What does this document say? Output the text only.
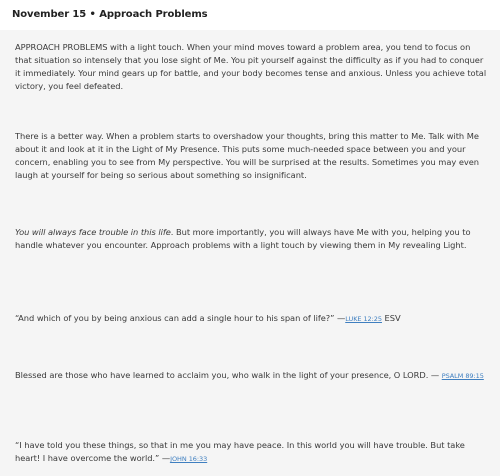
November 15 • Approach Problems

APPROACH PROBLEMS with a light touch. When your mind moves toward a problem area, you tend to focus on that situation so intensely that you lose sight of Me. You pit yourself against the difficulty as if you had to conquer it immediately. Your mind gears up for battle, and your body becomes tense and anxious. Unless you achieve total victory, you feel defeated.

There is a better way. When a problem starts to overshadow your thoughts, bring this matter to Me. Talk with Me about it and look at it in the Light of My Presence. This puts some much-needed space between you and your concern, enabling you to see from My perspective. You will be surprised at the results. Sometimes you may even laugh at yourself for being so serious about something so insignificant.

You will always face trouble in this life. But more importantly, you will always have Me with you, helping you to handle whatever you encounter. Approach problems with a light touch by viewing them in My revealing Light.

“And which of you by being anxious can add a single hour to his span of life?” —LUKE 12:25 ESV

Blessed are those who have learned to acclaim you, who walk in the light of your presence, O LORD. — PSALM 89:15

“I have told you these things, so that in me you may have peace. In this world you will have trouble. But take heart! I have overcome the world.” —JOHN 16:33
